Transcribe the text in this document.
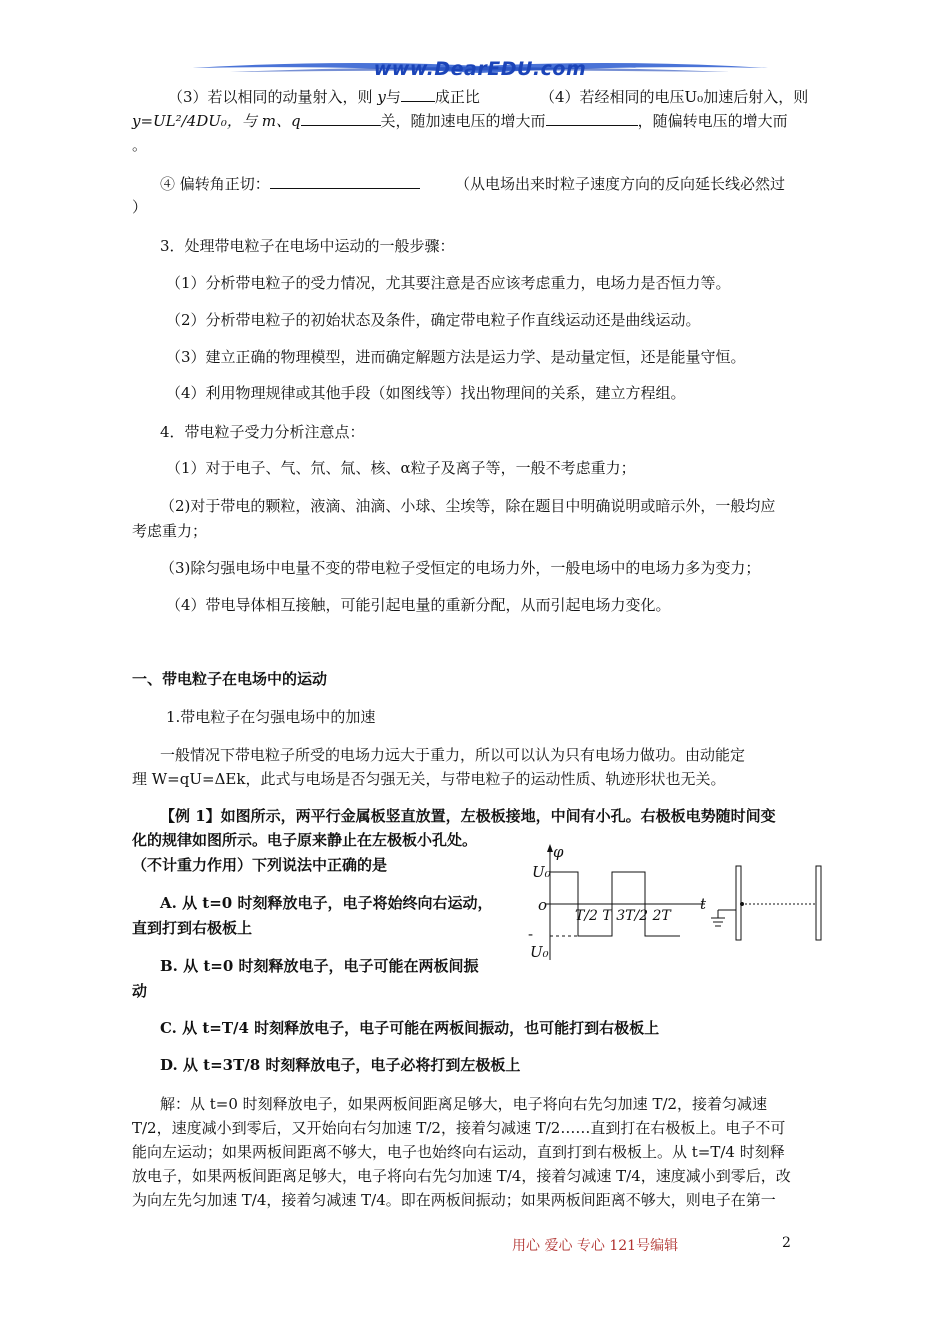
www.DearEDU.com
（3）若以相同的动量射入，则 y与 成正比	（4）若经相同的电压U₀加速后射入，则
y=UL²/4DU₀，与 m、q	关，随加速电压的增大而	，随偏转电压的增大而
。
④ 偏转角正切：	（从电场出来时粒子速度方向的反向延长线必然过
）
3．处理带电粒子在电场中运动的一般步骤：
（1）分析带电粒子的受力情况，尤其要注意是否应该考虑重力，电场力是否恒力等。
（2）分析带电粒子的初始状态及条件，确定带电粒子作直线运动还是曲线运动。
（3）建立正确的物理模型，进而确定解题方法是运力学、是动量定恒，还是能量守恒。
（4）利用物理规律或其他手段（如图线等）找出物理间的关系，建立方程组。
4．带电粒子受力分析注意点：
（1）对于电子、气、氘、氚、核、α粒子及离子等，一般不考虑重力；
（2)对于带电的颗粒，液滴、油滴、小球、尘埃等，除在题目中明确说明或暗示外，一般均应
考虑重力；
（3)除匀强电场中电量不变的带电粒子受恒定的电场力外，一般电场中的电场力多为变力；
（4）带电导体相互接触，可能引起电量的重新分配，从而引起电场力变化。
一、带电粒子在电场中的运动
1.带电粒子在匀强电场中的加速
一般情况下带电粒子所受的电场力远大于重力，所以可以认为只有电场力做功。由动能定
理 W=qU=ΔEk，此式与电场是否匀强无关，与带电粒子的运动性质、轨迹形状也无关。
【例 1】如图所示，两平行金属板竖直放置，左极板接地，中间有小孔。右极板电势随时间变
化的规律如图所示。电子原来静止在左极板小孔处。
（不计重力作用）下列说法中正确的是
A. 从 t=0 时刻释放电子，电子将始终向右运动，
直到打到右极板上
B. 从 t=0 时刻释放电子，电子可能在两板间振
动
C. 从 t=T/4 时刻释放电子，电子可能在两板间振动，也可能打到右极板上
D. 从 t=3T/8 时刻释放电子，电子必将打到左极板上
φ
U₀
o	t
T/2 T 3T/2 2T
-
U₀
解：从 t=0 时刻释放电子，如果两板间距离足够大，电子将向右先匀加速 T/2，接着匀减速
T/2，速度减小到零后，又开始向右匀加速 T/2，接着匀减速 T/2……直到打在右极板上。电子不可
能向左运动；如果两板间距离不够大，电子也始终向右运动，直到打到右极板上。从 t=T/4 时刻释
放电子，如果两板间距离足够大，电子将向右先匀加速 T/4，接着匀减速 T/4，速度减小到零后，改
为向左先匀加速 T/4，接着匀减速 T/4。即在两板间振动；如果两板间距离不够大，则电子在第一
用心 爱心 专心 121号编辑	2
